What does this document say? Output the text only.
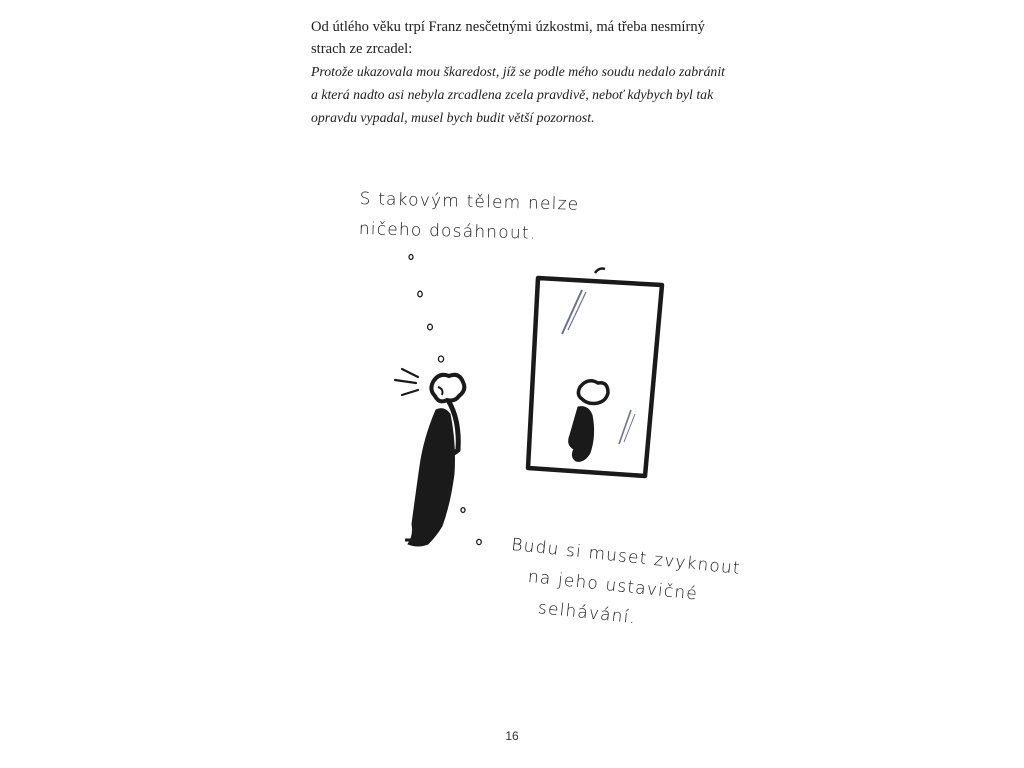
Od útlého věku trpí Franz nesčetnými úzkostmi, má třeba nesmírný strach ze zrcadel:

Protože ukazovala mou škaredost, jíž se podle mého soudu nedalo zabránit a která nadto asi nebyla zrcadlena zcela pravdivě, neboť kdybych byl tak opravdu vypadal, musel bych budit větší pozornost.

S takovým tělem nelze
ničeho dosáhnout.
Budu si muset zvyknout
na jeho ustavičné
selhávání.
16
